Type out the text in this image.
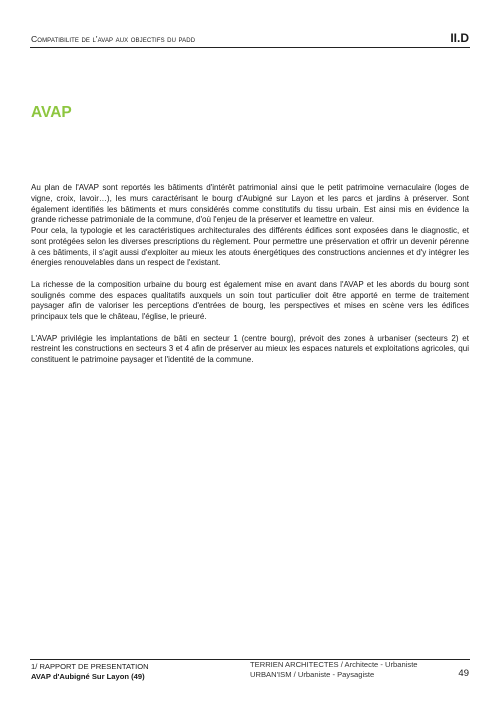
Compatibilite de l'avap aux objectifs du padd	II.D
AVAP

Au plan de l'AVAP sont reportés les bâtiments d'intérêt patrimonial ainsi que le petit patrimoine vernaculaire (loges de vigne, croix, lavoir…), les murs caractérisant le bourg d'Aubigné sur Layon et les parcs et jardins à préserver. Sont également identifiés les bâtiments et murs considérés comme constitutifs du tissu urbain. Est ainsi mis en évidence la grande richesse patrimoniale de la commune, d'où l'enjeu de la préserver et leamettre en valeur.

Pour cela, la typologie et les caractéristiques architecturales des différents édifices sont exposées dans le diagnostic, et sont protégées selon les diverses prescriptions du règlement. Pour permettre une préservation et offrir un devenir pérenne à ces bâtiments, il s'agit aussi d'exploiter au mieux les atouts énergétiques des constructions anciennes et d'y intégrer les énergies renouvelables dans un respect de l'existant.

La richesse de la composition urbaine du bourg est également mise en avant dans l'AVAP et les abords du bourg sont soulignés comme des espaces qualitatifs auxquels un soin tout particulier doit être apporté en terme de traitement paysager afin de valoriser les perceptions d'entrées de bourg, les perspectives et mises en scène vers les édifices principaux tels que le château, l'église, le prieuré.

L'AVAP privilégie les implantations de bâti en secteur 1 (centre bourg), prévoit des zones à urbaniser (secteurs 2) et restreint les constructions en secteurs 3 et 4 afin de préserver au mieux les espaces naturels et exploitations agricoles, qui constituent le patrimoine paysager et l'identité de la commune.

1/ RAPPORT DE PRESENTATION
AVAP d'Aubigné Sur Layon (49)
TERRIEN ARCHITECTES / Architecte - Urbaniste
URBAN'ISM / Urbaniste - Paysagiste	49
